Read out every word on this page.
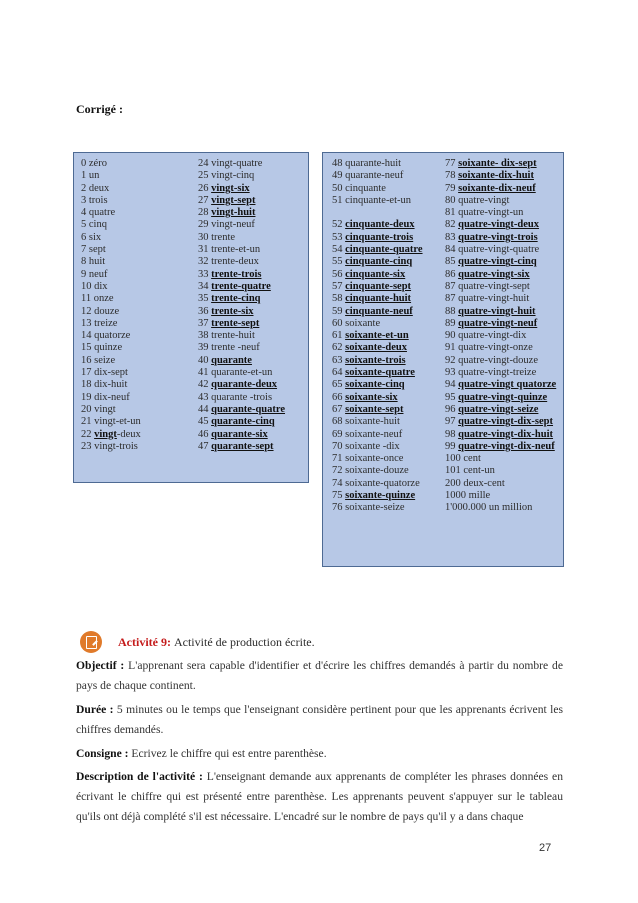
Corrigé :
0 zéro
1 un
2 deux
3 trois
4 quatre
5 cinq
6 six
7 sept
8 huit
9 neuf
10 dix
11 onze
12 douze
13 treize
14 quatorze
15 quinze
16 seize
17 dix-sept
18 dix-huit
19 dix-neuf
20 vingt
21 vingt-et-un
22 vingt-deux
23 vingt-trois
24 vingt-quatre
25 vingt-cinq
26 vingt-six
27 vingt-sept
28 vingt-huit
29 vingt-neuf
30 trente
31 trente-et-un
32 trente-deux
33 trente-trois
34 trente-quatre
35 trente-cinq
36 trente-six
37 trente-sept
38 trente-huit
39 trente -neuf
40 quarante
41 quarante-et-un
42 quarante-deux
43 quarante -trois
44 quarante-quatre
45 quarante-cinq
46 quarante-six
47 quarante-sept
48 quarante-huit
49 quarante-neuf
50 cinquante
51 cinquante-et-un
52 cinquante-deux
53 cinquante-trois
54 cinquante-quatre
55 cinquante-cinq
56 cinquante-six
57 cinquante-sept
58 cinquante-huit
59 cinquante-neuf
60 soixante
61 soixante-et-un
62 soixante-deux
63 soixante-trois
64 soixante-quatre
65 soixante-cinq
66 soixante-six
67 soixante-sept
68 soixante-huit
69 soixante-neuf
70 soixante -dix
71 soixante-once
72 soixante-douze
74 soixante-quatorze
75 soixante-quinze
76 soixante-seize
77 soixante- dix-sept
78 soixante-dix-huit
79 soixante-dix-neuf
80 quatre-vingt
81 quatre-vingt-un
82 quatre-vingt-deux
83 quatre-vingt-trois
84 quatre-vingt-quatre
85 quatre-vingt-cinq
86 quatre-vingt-six
87 quatre-vingt-sept
87 quatre-vingt-huit
88 quatre-vingt-huit
89 quatre-vingt-neuf
90 quatre-vingt-dix
91 quatre-vingt-onze
92 quatre-vingt-douze
93 quatre-vingt-treize
94 quatre-vingt quatorze
95 quatre-vingt-quinze
96 quatre-vingt-seize
97 quatre-vingt-dix-sept
98 quatre-vingt-dix-huit
99 quatre-vingt-dix-neuf
100 cent
101 cent-un
200 deux-cent
1000 mille
1'000.000 un million
Activité 9 : Activité de production écrite.
Objectif : L'apprenant sera capable d'identifier et d'écrire les chiffres demandés à partir du nombre de pays de chaque continent.
Durée : 5 minutes ou le temps que l'enseignant considère pertinent pour que les apprenants écrivent les chiffres demandés.
Consigne : Ecrivez le chiffre qui est entre parenthèse.
Description de l'activité : L'enseignant demande aux apprenants de compléter les phrases données en écrivant le chiffre qui est présenté entre parenthèse. Les apprenants peuvent s'appuyer sur le tableau qu'ils ont déjà complété s'il est nécessaire. L'encadré sur le nombre de pays qu'il y a dans chaque
27
